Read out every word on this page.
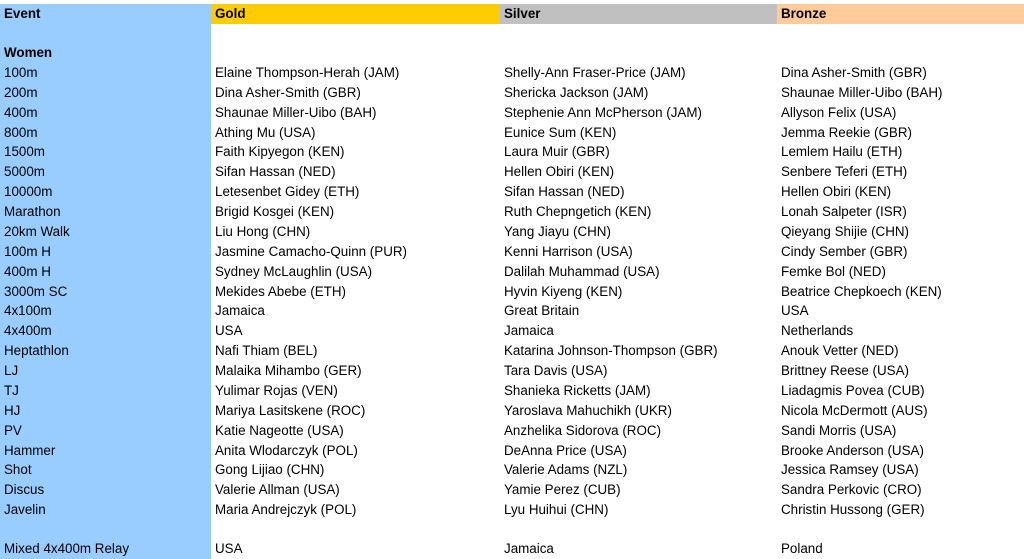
Event	Gold	Silver	Bronze
Women
100m	Elaine Thompson-Herah (JAM)	Shelly-Ann Fraser-Price (JAM)	Dina Asher-Smith (GBR)
200m	Dina Asher-Smith (GBR)	Shericka Jackson (JAM)	Shaunae Miller-Uibo (BAH)
400m	Shaunae Miller-Uibo (BAH)	Stephenie Ann McPherson (JAM)	Allyson Felix (USA)
800m	Athing Mu (USA)	Eunice Sum (KEN)	Jemma Reekie (GBR)
1500m	Faith Kipyegon (KEN)	Laura Muir (GBR)	Lemlem Hailu (ETH)
5000m	Sifan Hassan (NED)	Hellen Obiri (KEN)	Senbere Teferi (ETH)
10000m	Letesenbet Gidey (ETH)	Sifan Hassan (NED)	Hellen Obiri (KEN)
Marathon	Brigid Kosgei (KEN)	Ruth Chepngetich (KEN)	Lonah Salpeter (ISR)
20km Walk	Liu Hong (CHN)	Yang Jiayu (CHN)	Qieyang Shijie (CHN)
100m H	Jasmine Camacho-Quinn (PUR)	Kenni Harrison (USA)	Cindy Sember (GBR)
400m H	Sydney McLaughlin (USA)	Dalilah Muhammad (USA)	Femke Bol (NED)
3000m SC	Mekides Abebe (ETH)	Hyvin Kiyeng (KEN)	Beatrice Chepkoech (KEN)
4x100m	Jamaica	Great Britain	USA
4x400m	USA	Jamaica	Netherlands
Heptathlon	Nafi Thiam (BEL)	Katarina Johnson-Thompson (GBR)	Anouk Vetter (NED)
LJ	Malaika Mihambo (GER)	Tara Davis (USA)	Brittney Reese (USA)
TJ	Yulimar Rojas (VEN)	Shanieka Ricketts (JAM)	Liadagmis Povea (CUB)
HJ	Mariya Lasitskene (ROC)	Yaroslava Mahuchikh (UKR)	Nicola McDermott (AUS)
PV	Katie Nageotte (USA)	Anzhelika Sidorova (ROC)	Sandi Morris (USA)
Hammer	Anita Wlodarczyk (POL)	DeAnna Price (USA)	Brooke Anderson (USA)
Shot	Gong Lijiao (CHN)	Valerie Adams (NZL)	Jessica Ramsey (USA)
Discus	Valerie Allman (USA)	Yamie Perez (CUB)	Sandra Perkovic (CRO)
Javelin	Maria Andrejczyk (POL)	Lyu Huihui (CHN)	Christin Hussong (GER)
Mixed 4x400m Relay	USA	Jamaica	Poland
